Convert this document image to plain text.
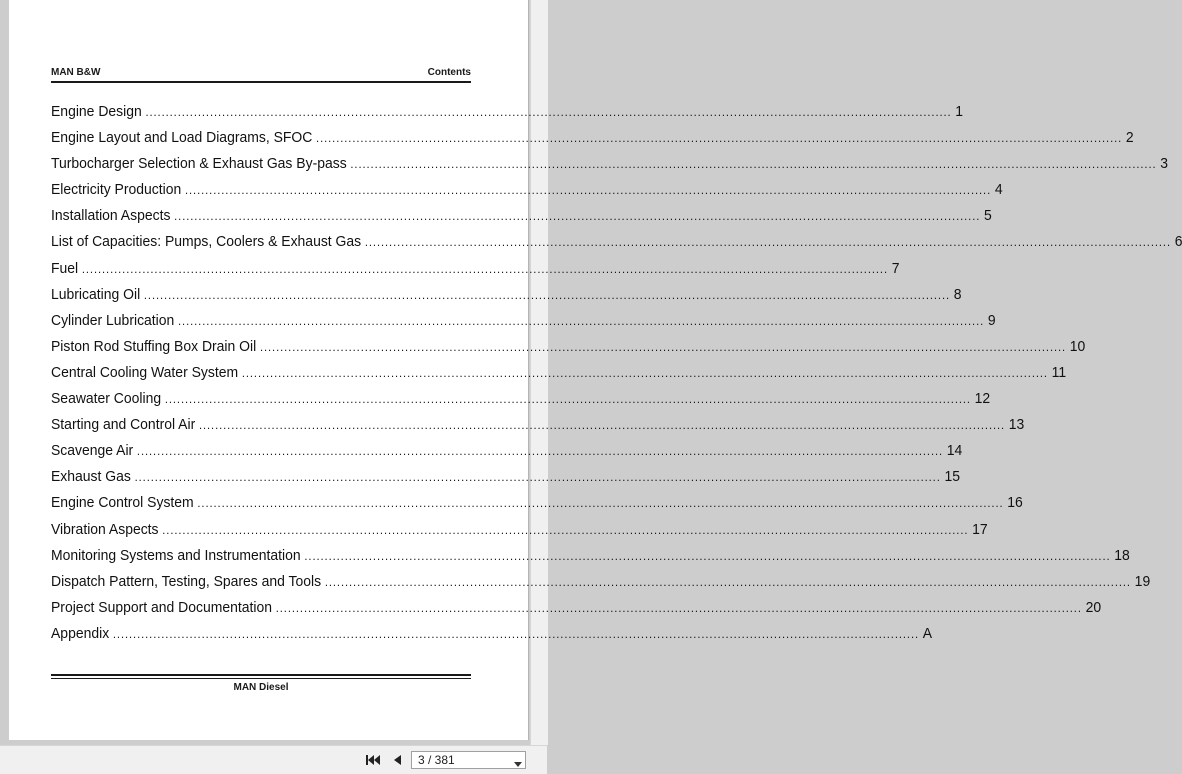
MAN B&W	Contents
Engine Design ........................................................................................................................................................................................................ 1
Engine Layout and Load Diagrams, SFOC ........................................................................................................................................................................................................ 2
Turbocharger Selection & Exhaust Gas By-pass ........................................................................................................................................................................................................ 3
Electricity Production ........................................................................................................................................................................................................ 4
Installation Aspects ........................................................................................................................................................................................................ 5
List of Capacities: Pumps, Coolers & Exhaust Gas ........................................................................................................................................................................................................ 6
Fuel ........................................................................................................................................................................................................ 7
Lubricating Oil ........................................................................................................................................................................................................ 8
Cylinder Lubrication ........................................................................................................................................................................................................ 9
Piston Rod Stuffing Box Drain Oil ........................................................................................................................................................................................................ 10
Central Cooling Water System ........................................................................................................................................................................................................ 11
Seawater Cooling ........................................................................................................................................................................................................ 12
Starting and Control Air ........................................................................................................................................................................................................ 13
Scavenge Air ........................................................................................................................................................................................................ 14
Exhaust Gas ........................................................................................................................................................................................................ 15
Engine Control System ........................................................................................................................................................................................................ 16
Vibration Aspects ........................................................................................................................................................................................................ 17
Monitoring Systems and Instrumentation ........................................................................................................................................................................................................ 18
Dispatch Pattern, Testing, Spares and Tools ........................................................................................................................................................................................................ 19
Project Support and Documentation ........................................................................................................................................................................................................ 20
Appendix ........................................................................................................................................................................................................ A
MAN Diesel
3 / 381
